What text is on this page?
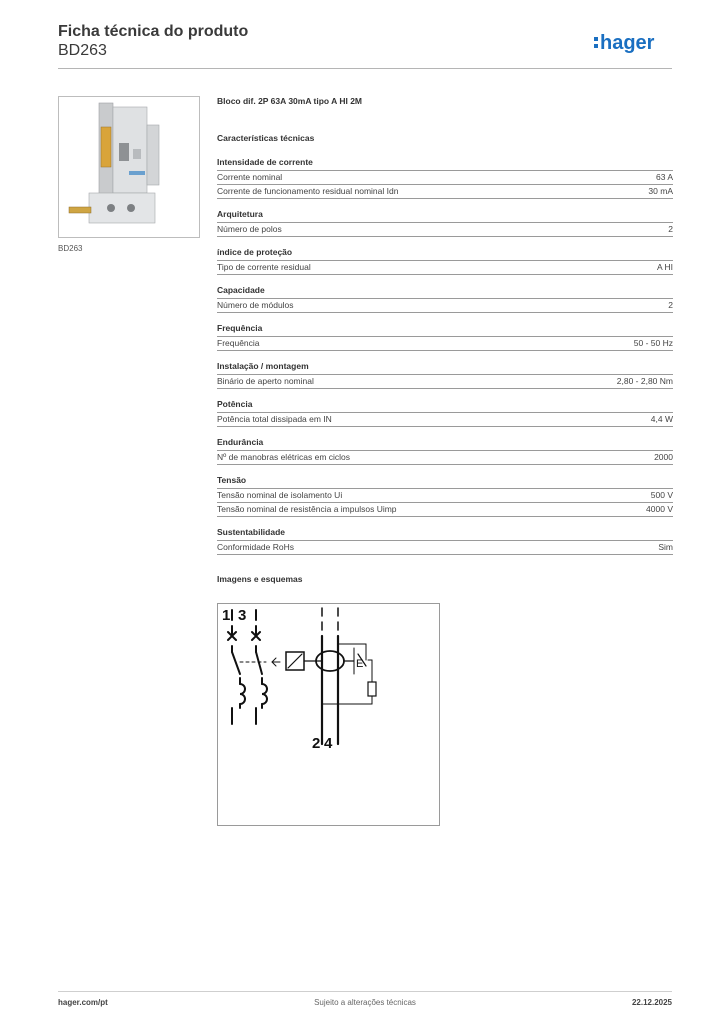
Ficha técnica do produto
BD263	hager
BD263
Bloco dif. 2P 63A 30mA tipo A HI 2M
Características técnicas
Intensidade de corrente
Corrente nominal	63 A
Corrente de funcionamento residual nominal Idn	30 mA
Arquitetura
Número de polos	2
índice de proteção
Tipo de corrente residual	A HI
Capacidade
Número de módulos	2
Frequência
Frequência	50 - 50 Hz
Instalação / montagem
Binário de aperto nominal	2,80 - 2,80 Nm
Potência
Potência total dissipada em IN	4,4 W
Endurância
Nº de manobras elétricas em ciclos	2000
Tensão
Tensão nominal de isolamento Ui	500 V
Tensão nominal de resistência a impulsos Uimp	4000 V
Sustentabilidade
Conformidade RoHs	Sim
Imagens e esquemas
1 3
2 4
E
hager.com/pt	Sujeito a alterações técnicas	22.12.2025
